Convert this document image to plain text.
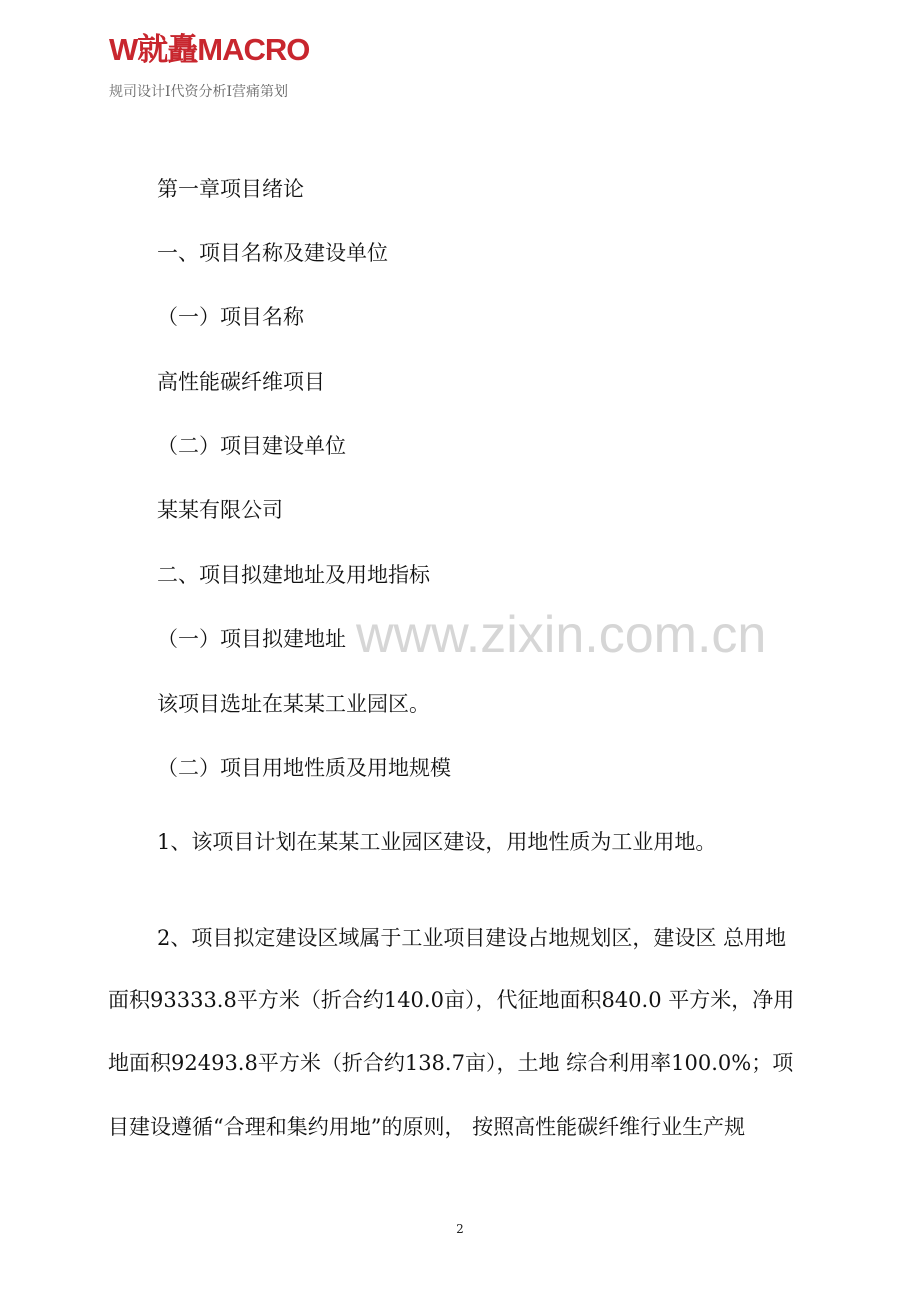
W就矗MACRO
规司设计I代资分析I营痛第划
www.zixin.com.cn
第一章项目绪论
一、项目名称及建设单位
（一）项目名称
高性能碳纤维项目
（二）项目建设单位
某某有限公司
二、项目拟建地址及用地指标
（一）项目拟建地址
该项目选址在某某工业园区。
（二）项目用地性质及用地规模
1、该项目计划在某某工业园区建设，用地性质为工业用地。
2、项目拟定建设区域属于工业项目建设占地规划区，建设区 总用地
面积93333.8平方米（折合约140.0亩），代征地面积840.0 平方米，净用
地面积92493.8平方米（折合约138.7亩），土地 综合利用率100.0%；项
目建设遵循“合理和集约用地”的原则， 按照高性能碳纤维行业生产规
2
